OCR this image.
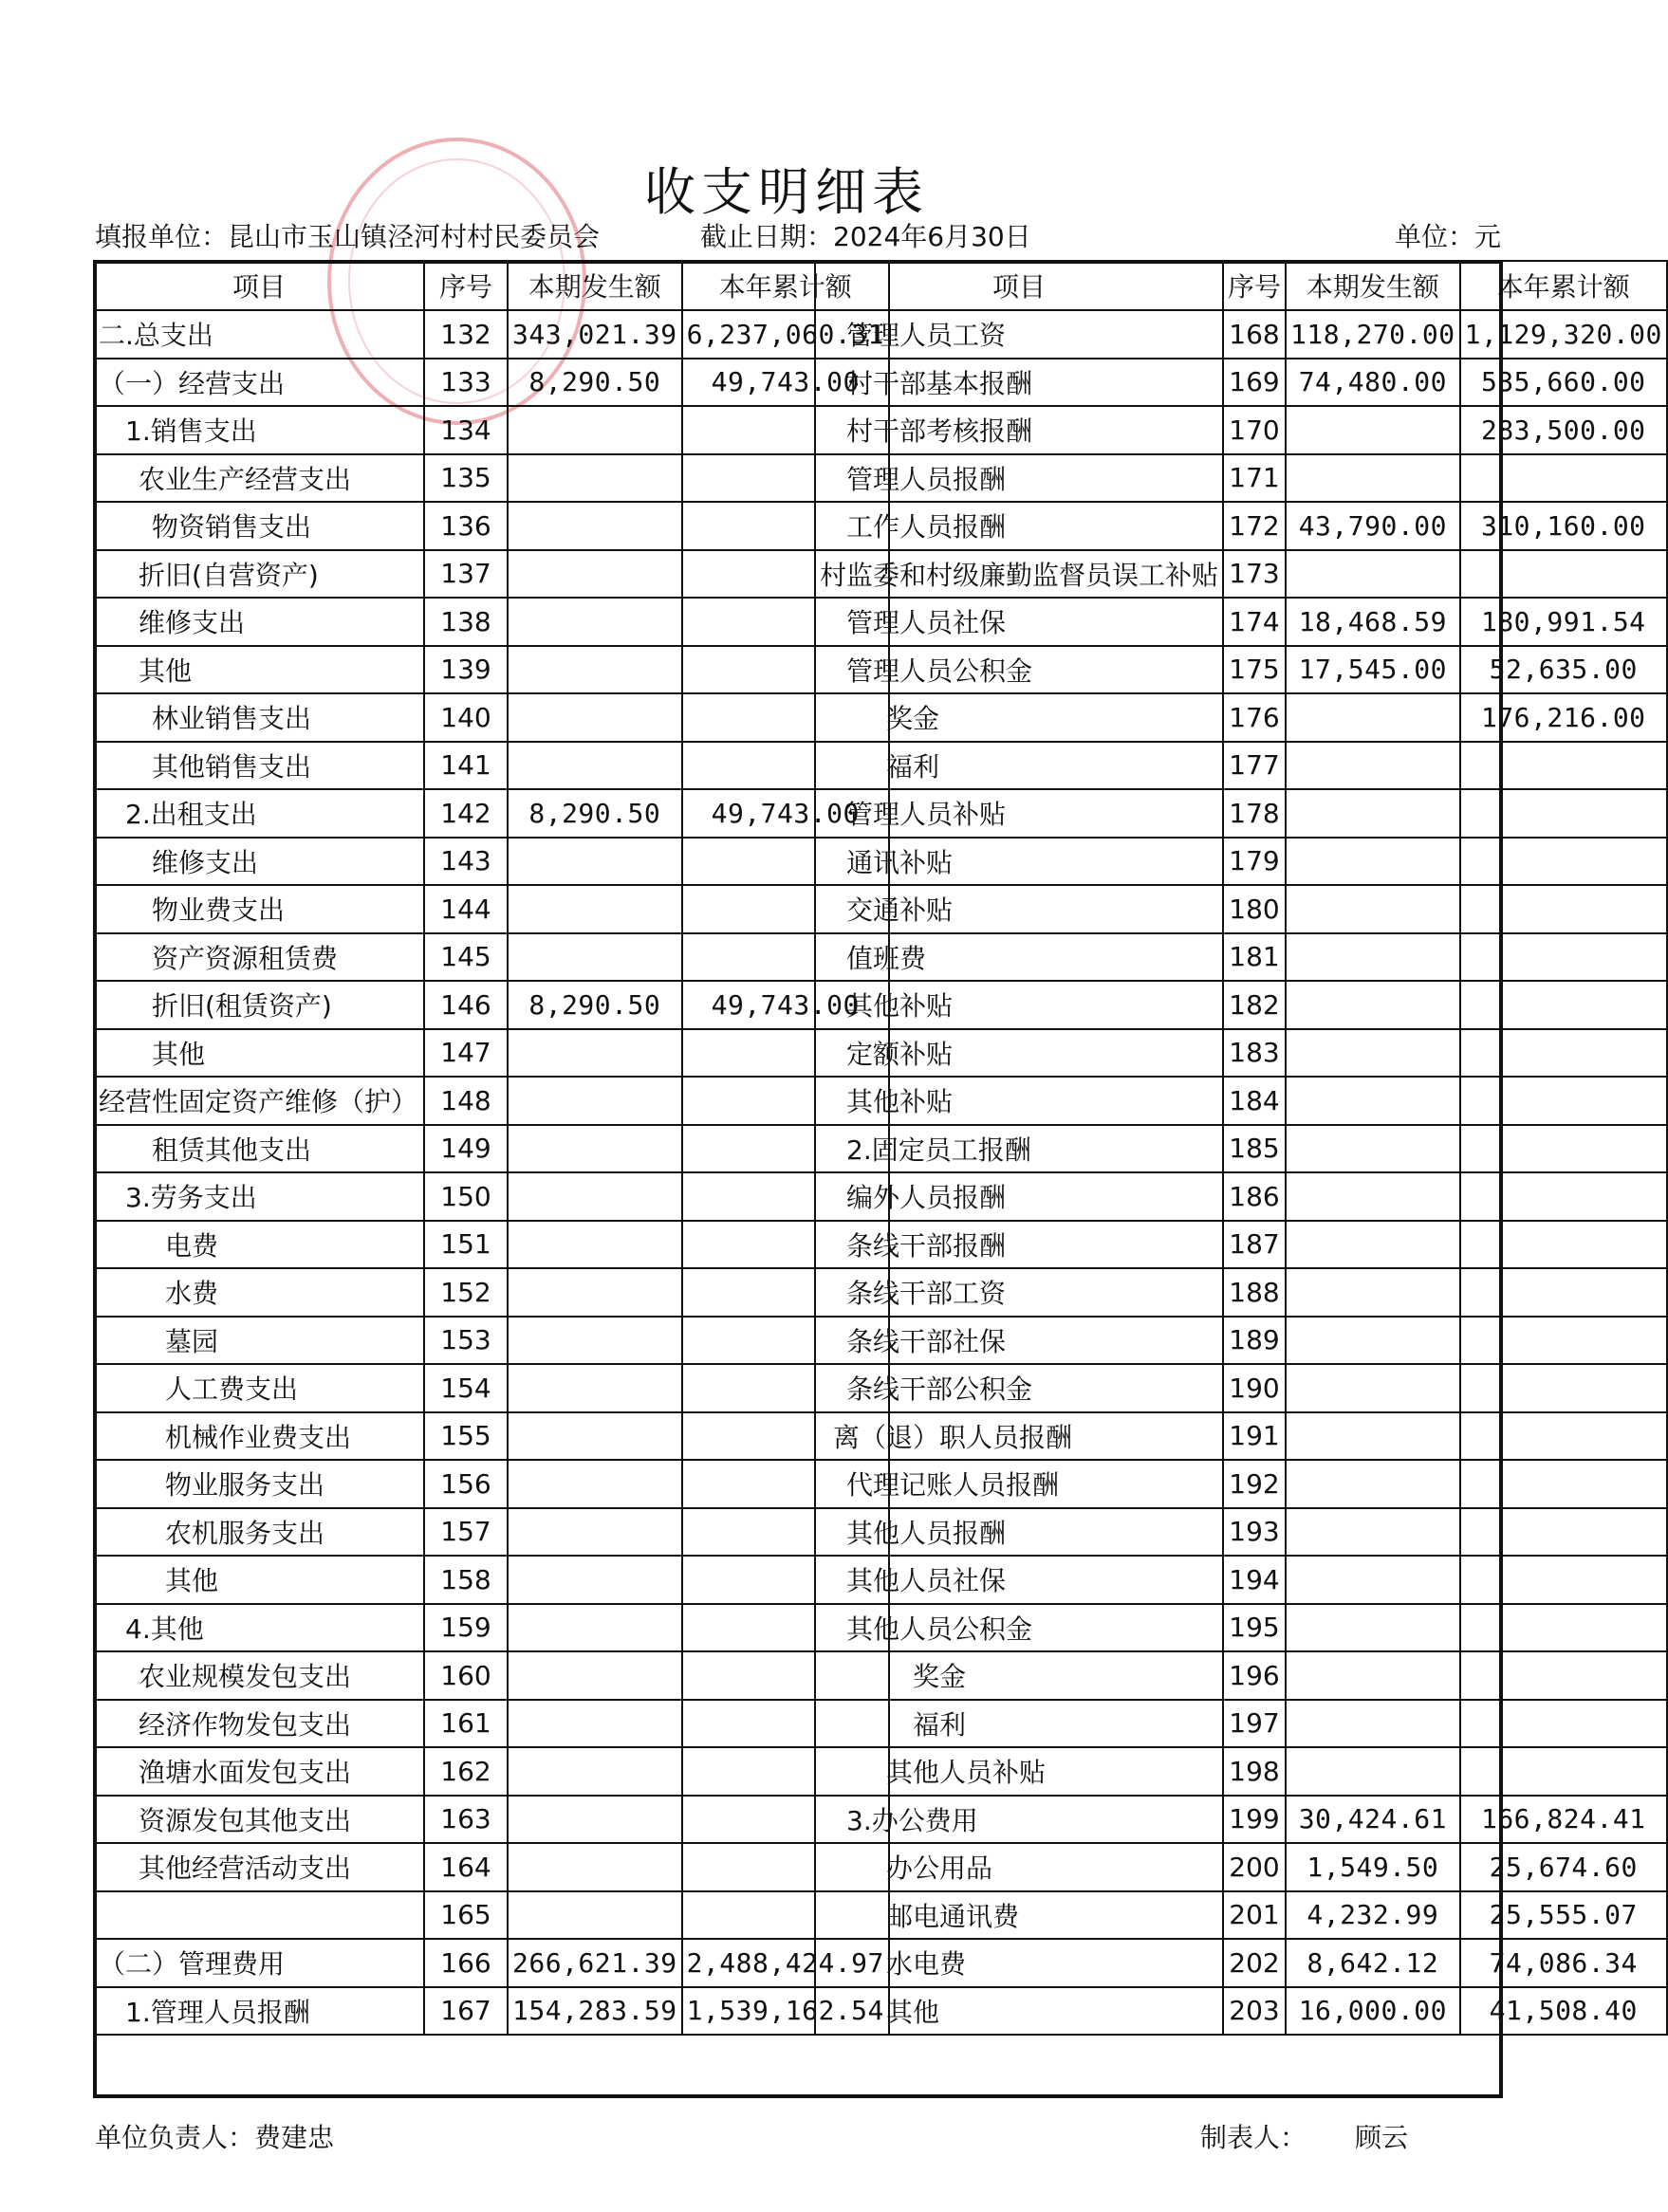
收支明细表
填报单位：昆山市玉山镇泾河村村民委员会	截止日期：2024年6月30日	单位：元
项目	序号	本期发生额	本年累计额
二.总支出	132	343,021.39	6,237,060.31
（一）经营支出	133	8,290.50	49,743.00
1.销售支出	134		
农业生产经营支出	135		
物资销售支出	136		
折旧(自营资产)	137		
维修支出	138		
其他	139		
林业销售支出	140		
其他销售支出	141		
2.出租支出	142	8,290.50	49,743.00
维修支出	143		
物业费支出	144		
资产资源租赁费	145		
折旧(租赁资产)	146	8,290.50	49,743.00
其他	147		
经营性固定资产维修（护）	148		
租赁其他支出	149		
3.劳务支出	150		
电费	151		
水费	152		
墓园	153		
人工费支出	154		
机械作业费支出	155		
物业服务支出	156		
农机服务支出	157		
其他	158		
4.其他	159		
农业规模发包支出	160		
经济作物发包支出	161		
渔塘水面发包支出	162		
资源发包其他支出	163		
其他经营活动支出	164		
	165		
（二）管理费用	166	266,621.39	2,488,424.97
1.管理人员报酬	167	154,283.59	1,539,162.54
项目	序号	本期发生额	本年累计额
管理人员工资	168	118,270.00	1,129,320.00
村干部基本报酬	169	74,480.00	535,660.00
村干部考核报酬	170		283,500.00
管理人员报酬	171		
工作人员报酬	172	43,790.00	310,160.00
村监委和村级廉勤监督员误工补贴	173		
管理人员社保	174	18,468.59	180,991.54
管理人员公积金	175	17,545.00	52,635.00
奖金	176		176,216.00
福利	177		
管理人员补贴	178		
通讯补贴	179		
交通补贴	180		
值班费	181		
其他补贴	182		
定额补贴	183		
其他补贴	184		
2.固定员工报酬	185		
编外人员报酬	186		
条线干部报酬	187		
条线干部工资	188		
条线干部社保	189		
条线干部公积金	190		
离（退）职人员报酬	191		
代理记账人员报酬	192		
其他人员报酬	193		
其他人员社保	194		
其他人员公积金	195		
奖金	196		
福利	197		
其他人员补贴	198		
3.办公费用	199	30,424.61	166,824.41
办公用品	200	1,549.50	25,674.60
邮电通讯费	201	4,232.99	25,555.07
水电费	202	8,642.12	74,086.34
其他	203	16,000.00	41,508.40
单位负责人：费建忠	制表人： 顾云
